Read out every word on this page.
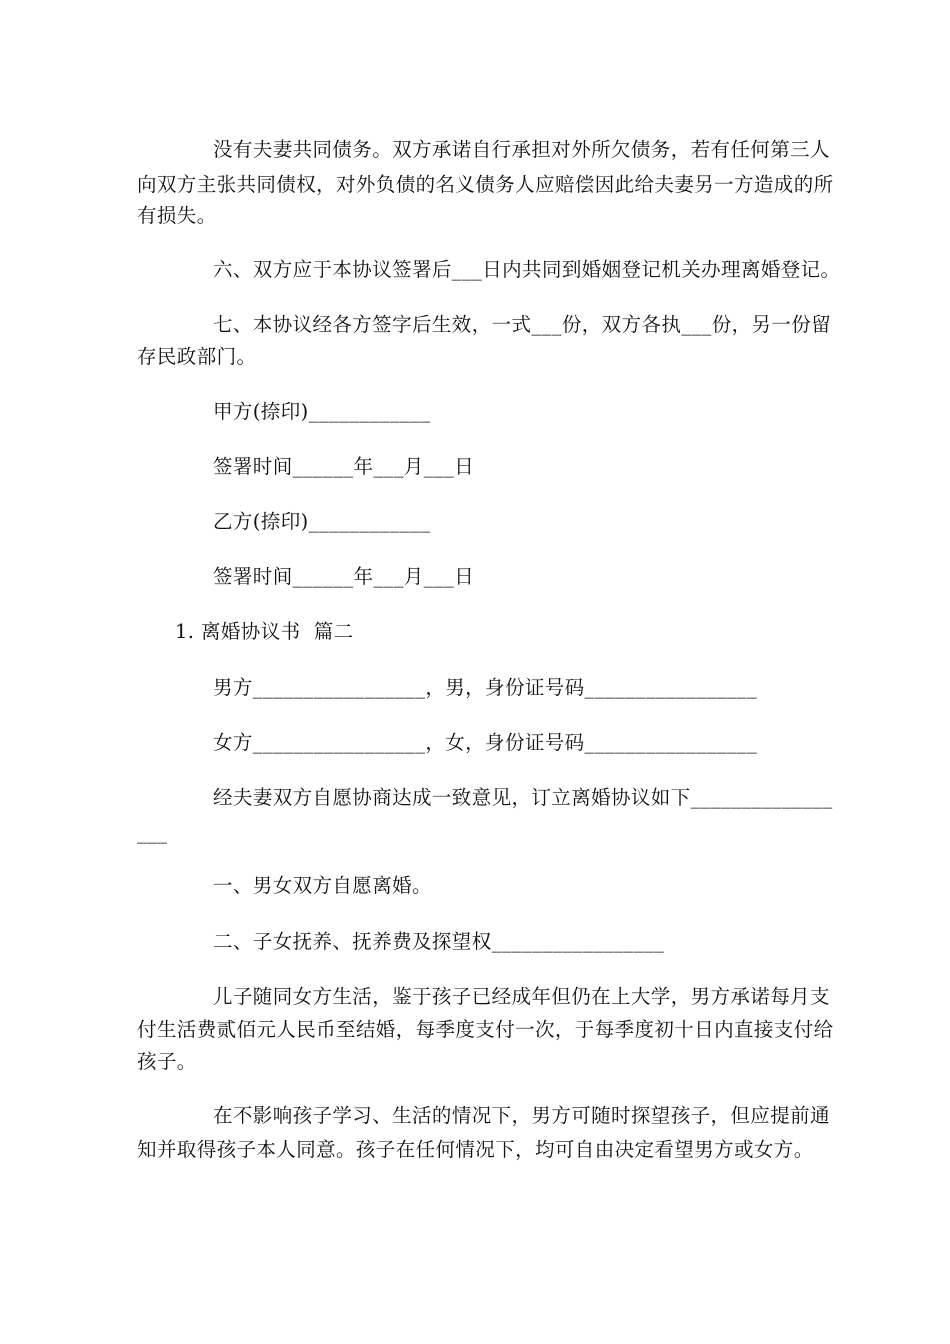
没有夫妻共同债务。双方承诺自行承担对外所欠债务，若有任何第三人
向双方主张共同债权，对外负债的名义债务人应赔偿因此给夫妻另一方造成的所
有损失。
六、双方应于本协议签署后___日内共同到婚姻登记机关办理离婚登记。
七、本协议经各方签字后生效，一式___份，双方各执___份，另一份留
存民政部门。
甲方(捺印)____________
签署时间______年___月___日
乙方(捺印)____________
签署时间______年___月___日
1. 离婚协议书  篇二
男方_________________，男，身份证号码_________________
女方_________________，女，身份证号码_________________
经夫妻双方自愿协商达成一致意见，订立离婚协议如下______________
___
一、男女双方自愿离婚。
二、子女抚养、抚养费及探望权_________________
儿子随同女方生活，鉴于孩子已经成年但仍在上大学，男方承诺每月支
付生活费贰佰元人民币至结婚，每季度支付一次，于每季度初十日内直接支付给
孩子。
在不影响孩子学习、生活的情况下，男方可随时探望孩子，但应提前通
知并取得孩子本人同意。孩子在任何情况下，均可自由决定看望男方或女方。
